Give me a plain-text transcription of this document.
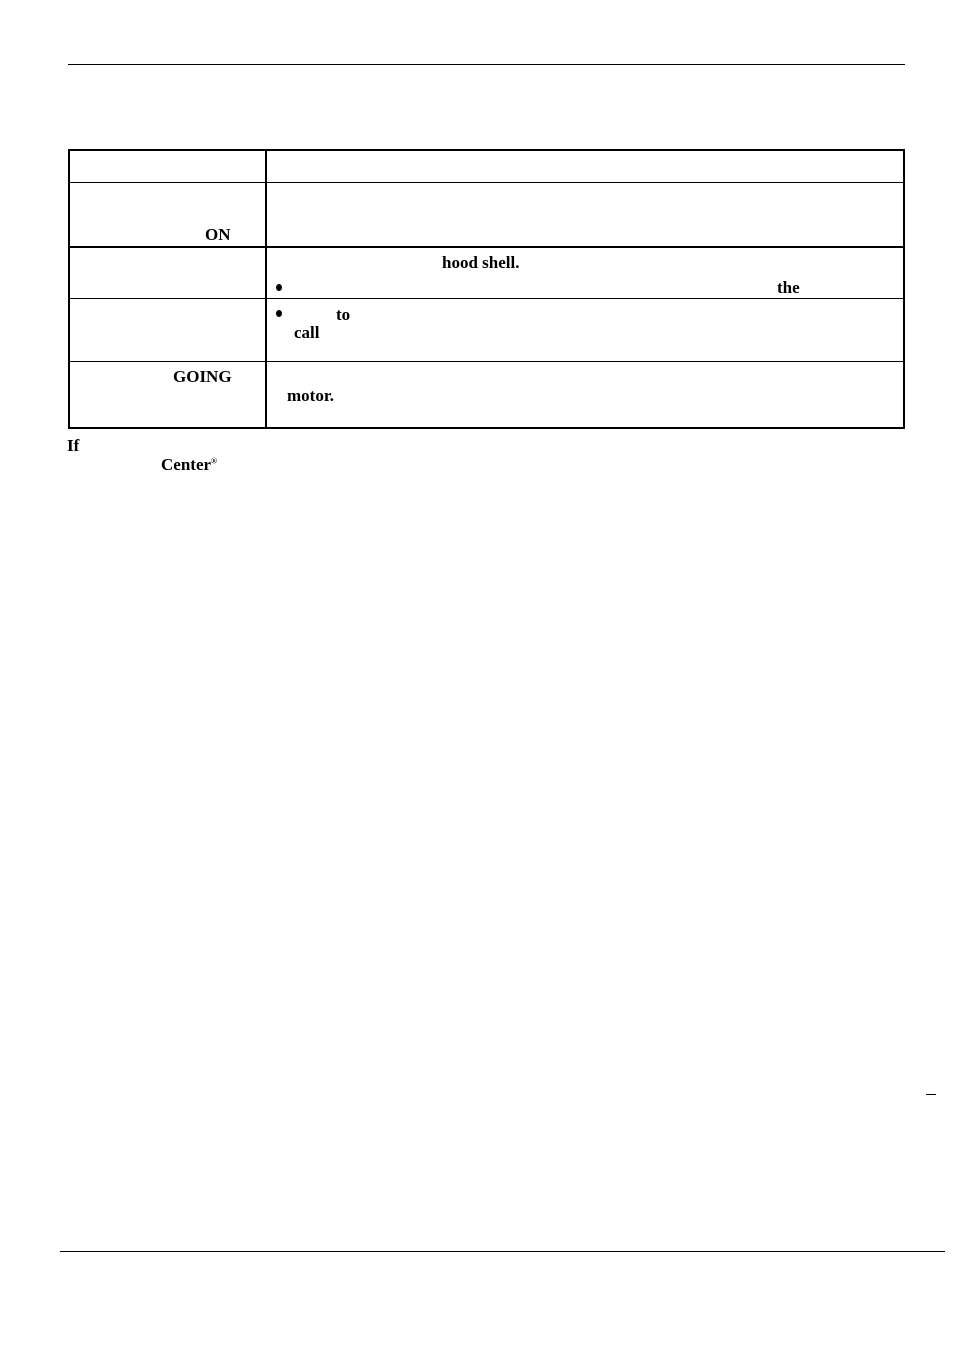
ON
hood shell.
the
to
call
GOING
motor.
If
Center®
